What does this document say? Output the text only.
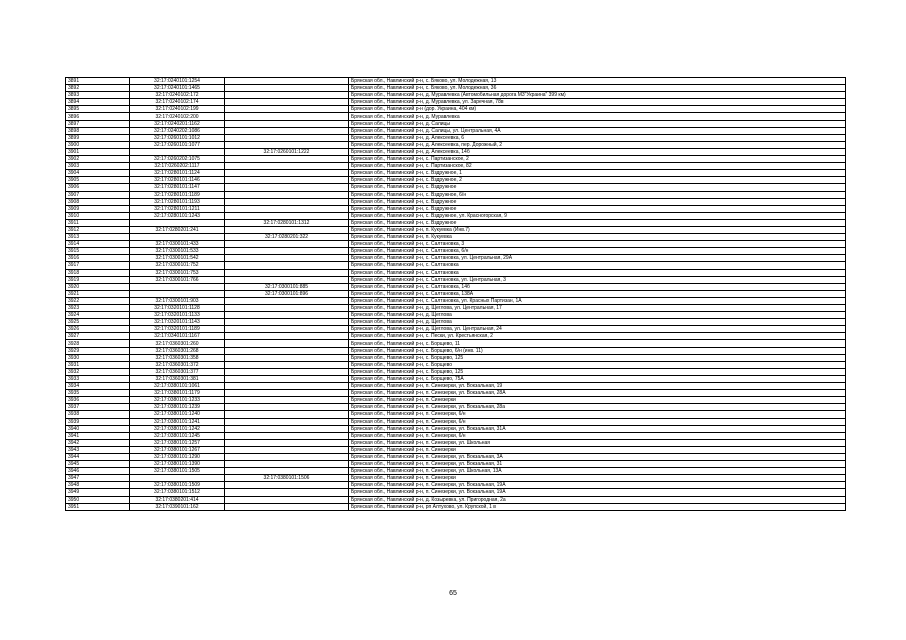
3891	32:17:0240101:1254		Брянская обл., Навлинский р-н, с. Бяково, ул. Молодежная, 13
3892	32:17:0240101:1465		Брянская обл., Навлинский р-н, с. Бяково, ул. Молодежная, 36
3893	32:17:0240102:172		Брянская обл., Навлинский р-н, д. Муравлевка (Автомобильная дорога М3"Украина" 399 км)
3894	32:17:0240102:174		Брянская обл., Навлинский р-н, д. Муравлевка, ул. Заречная, 78в
3895	32:17:0240102:199		Брянская обл., Навлинский р-н (дор. Украина, 404 км)
3896	32:17:0240102:200		Брянская обл., Навлинский р-н, д. Муравлевка
3897	32:17:0240201:1162		Брянская обл., Навлинский р-н, д. Салицы
3898	32:17:0240202:1086		Брянская обл., Навлинский р-н, д. Салицы, ул. Центральная, 4А
3899	32:17:0260101:1012		Брянская обл., Навлинский р-н, д. Алексеевка, 6
3900	32:17:0260101:1077		Брянская обл., Навлинский р-н, д. Алексеевка, пер. Дорожный, 2
3901		32:17:0260101:1222	Брянская обл., Навлинский р-н, д. Алексеевка, 14б
3902	32:17:0260202:1075		Брянская обл., Навлинский р-н, с. Партизанское, 2
3903	32:17:0260202:1117		Брянская обл., Навлинский р-н, с. Партизанское, 82
3904	32:17:0280101:1124		Брянская обл., Навлинский р-н, с. Вздружное, 1
3905	32:17:0280101:1146		Брянская обл., Навлинский р-н, с. Вздружное, 2
3906	32:17:0280101:1147		Брянская обл., Навлинский р-н, с. Вздружное
3907	32:17:0280101:1189		Брянская обл., Навлинский р-н, с. Вздружное, 6/н
3908	32:17:0280101:1193		Брянская обл., Навлинский р-н, с. Вздружное
3909	32:17:0280101:1211		Брянская обл., Навлинский р-н, с. Вздружное
3910	32:17:0280101:1243		Брянская обл., Навлинский р-н, с. Вздружное, ул. Красногорская, 9
3911		32:17:0280101:1312	Брянская обл., Навлинский р-н, с. Вздружное
3912	32:17:0280201:241		Брянская обл., Навлинский р-н, п. Кукуевка (Инв.7)
3913		32:17:0280201:322	Брянская обл., Навлинский р-н, п. Кукуевка
3914	32:17:0300101:433		Брянская обл., Навлинский р-н, с. Салтановка, 3
3915	32:17:0300101:533		Брянская обл., Навлинский р-н, с. Салтановка, 6/н
3916	32:17:0300101:542		Брянская обл., Навлинский р-н, с. Салтановка, ул. Центральная, 29А
3917	32:17:0300101:752		Брянская обл., Навлинский р-н, с. Салтановка
3918	32:17:0300101:753		Брянская обл., Навлинский р-н, с. Салтановка
3919	32:17:0300101:766		Брянская обл., Навлинский р-н, с. Салтановка, ул. Центральная, 3
3920		32:17:0300101:885	Брянская обл., Навлинский р-н, с. Салтановка, 14б
3921		32:17:0300101:896	Брянская обл., Навлинский р-н, с. Салтановка, 138А
3922	32:17:0300101:903		Брянская обл., Навлинский р-н, с. Салтановка, ул. Красных Партизан, 1А
3923	32:17:0320101:1128		Брянская обл., Навлинский р-н, д. Щеглова, ул. Центральная, 17
3924	32:17:0320101:1133		Брянская обл., Навлинский р-н, д. Щеглова
3925	32:17:0320101:1143		Брянская обл., Навлинский р-н, д. Щеглова
3926	32:17:0320101:1189		Брянская обл., Навлинский р-н, д. Щеглова, ул. Центральная, 24
3927	32:17:0340101:1167		Брянская обл., Навлинский р-н, с. Пески, ул. Крестьянская, 2
3928	32:17:0360301:260		Брянская обл., Навлинский р-н, с. Борщево, 11
3929	32:17:0360301:268		Брянская обл., Навлинский р-н, с. Борщево, 6/н (инв. 11)
3930	32:17:0360301:358		Брянская обл., Навлинский р-н, с. Борщево, 125
3931	32:17:0360301:372		Брянская обл., Навлинский р-н, с. Борщево
3932	32:17:0360301:377		Брянская обл., Навлинский р-н, с. Борщево, 125
3933	32:17:0360301:381		Брянская обл., Навлинский р-н, с. Борщево, 75А
3934	32:17:0380101:1061		Брянская обл., Навлинский р-н, п. Синезерки, ул. Вокзальная, 19
3935	32:17:0380101:1179		Брянская обл., Навлинский р-н, п. Синезерки, ул. Вокзальная, 28А
3936	32:17:0380101:1233		Брянская обл., Навлинский р-н, п. Синезерки
3937	32:17:0380101:1239		Брянская обл., Навлинский р-н, п. Синезерки, ул. Вокзальная, 28а
3938	32:17:0380101:1240		Брянская обл., Навлинский р-н, п. Синезерки, 6/н
3939	32:17:0380101:1241		Брянская обл., Навлинский р-н, п. Синезерки, 6/н
3940	32:17:0380101:1242		Брянская обл., Навлинский р-н, п. Синезерки, ул. Вокзальная, 31А
3941	32:17:0380101:1245		Брянская обл., Навлинский р-н, п. Синезерки, 6/н
3942	32:17:0380101:1257		Брянская обл., Навлинский р-н, п. Синезерки, ул. Школьная
3943	32:17:0380101:1267		Брянская обл., Навлинский р-н, п. Синезерки
3944	32:17:0380101:1290		Брянская обл., Навлинский р-н, п. Синезерки, ул. Вокзальная, 3А
3945	32:17:0380101:1390		Брянская обл., Навлинский р-н, п. Синезерки, ул. Вокзальная, 31
3946	32:17:0380101:1505		Брянская обл., Навлинский р-н, п. Синезерки, ул. Школьная, 13А
3947		32:17:0380101:1506	Брянская обл., Навлинский р-н, п. Синезерки
3948	32:17:0380101:1509		Брянская обл., Навлинский р-н, п. Синезерки, ул. Вокзальная, 19А
3949	32:17:0380101:1512		Брянская обл., Навлинский р-н, п. Синезерки, ул. Вокзальная, 19А
3950	32:17:0380201:414		Брянская обл., Навлинский р-н, д. Козыревка, ул. Пригородная, 2а
3951	32:17:0390101:162		Брянская обл., Навлинский р-н, рп Алтухово, ул. Крупской, 1 в
65
